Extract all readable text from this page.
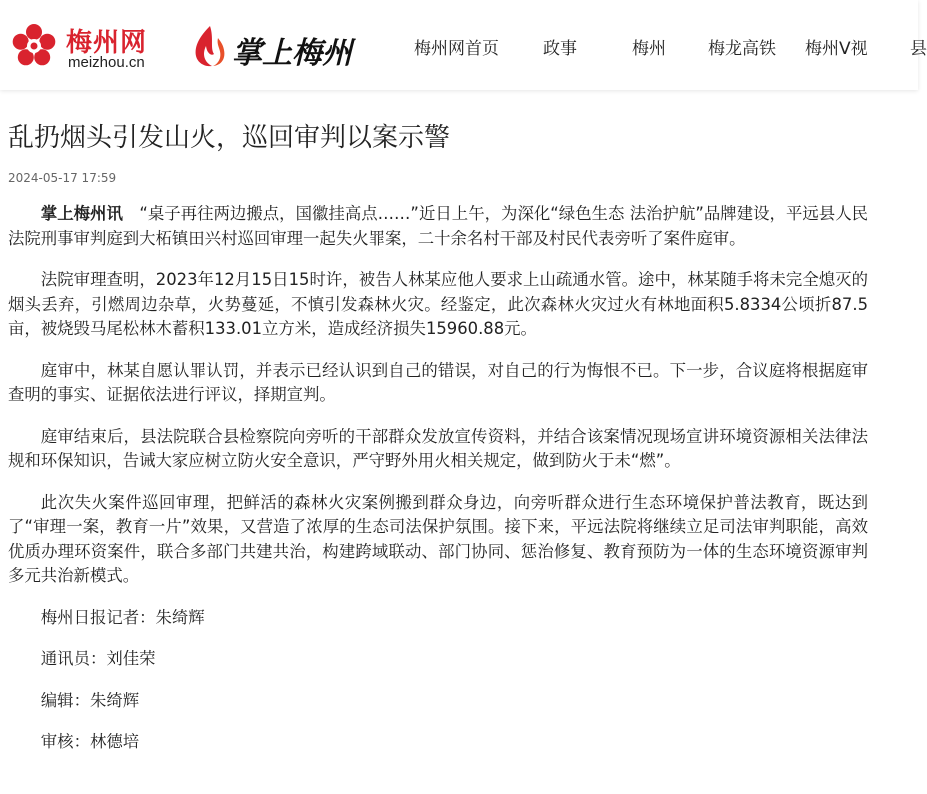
梅州网
meizhou.cn	掌上梅州	梅州网首页	政事	梅州 梅龙高铁 梅州V视 县
乱扔烟头引发山火，巡回审判以案示警
2024-05-17 17:59

掌上梅州讯　 “桌子再往两边搬点，国徽挂高点……”近日上午，为深化“绿色生态 法治护航”品牌建设，平远县人民法院刑事审判庭到大柘镇田兴村巡回审理一起失火罪案，二十余名村干部及村民代表旁听了案件庭审。

法院审理查明，2023年12月15日15时许，被告人林某应他人要求上山疏通水管。途中，林某随手将未完全熄灭的烟头丢弃，引燃周边杂草，火势蔓延，不慎引发森林火灾。经鉴定，此次森林火灾过火有林地面积5.8334公顷折87.5亩，被烧毁马尾松林木蓄积133.01立方米，造成经济损失15960.88元。

庭审中，林某自愿认罪认罚，并表示已经认识到自己的错误，对自己的行为悔恨不已。下一步，合议庭将根据庭审查明的事实、证据依法进行评议，择期宣判。

庭审结束后，县法院联合县检察院向旁听的干部群众发放宣传资料，并结合该案情况现场宣讲环境资源相关法律法规和环保知识，告诫大家应树立防火安全意识，严守野外用火相关规定，做到防火于未“燃”。

此次失火案件巡回审理，把鲜活的森林火灾案例搬到群众身边，向旁听群众进行生态环境保护普法教育，既达到了“审理一案，教育一片”效果，又营造了浓厚的生态司法保护氛围。接下来，平远法院将继续立足司法审判职能，高效优质办理环资案件，联合多部门共建共治，构建跨域联动、部门协同、惩治修复、教育预防为一体的生态环境资源审判多元共治新模式。

梅州日报记者：朱绮辉

通讯员：刘佳荣

编辑：朱绮辉

审核：林德培
